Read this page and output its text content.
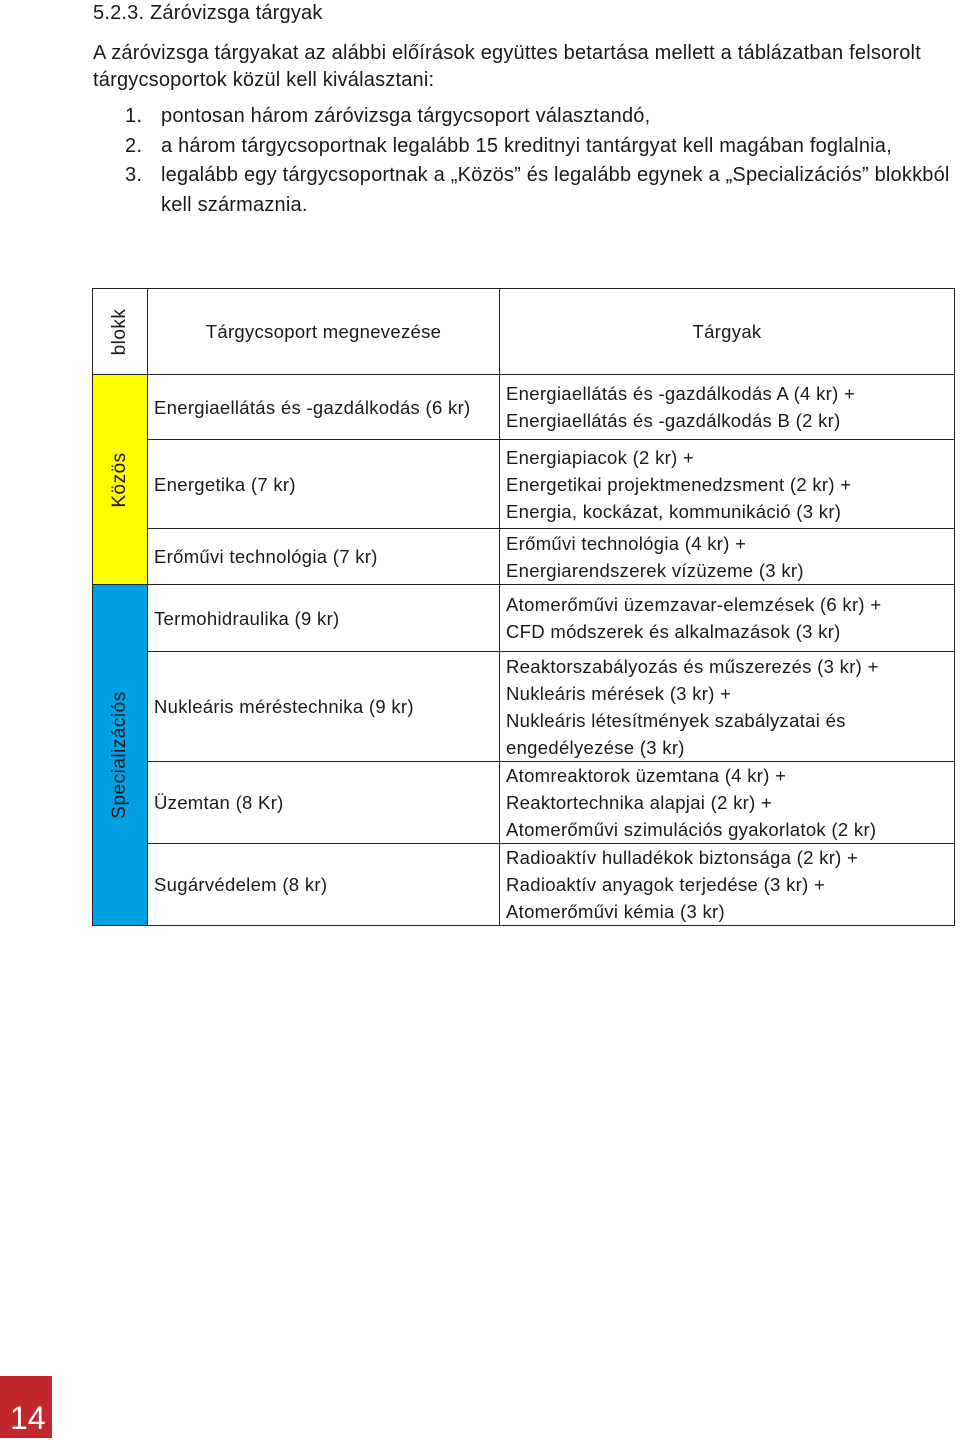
5.2.3. Záróvizsga tárgyak

A záróvizsga tárgyakat az alábbi előírások együttes betartása mellett a táblázatban felsorolt tárgycsoportok közül kell kiválasztani:

1. pontosan három záróvizsga tárgycsoport választandó,
2. a három tárgycsoportnak legalább 15 kreditnyi tantárgyat kell magában foglalnia,
3. legalább egy tárgycsoportnak a „Közös” és legalább egynek a „Specializációs” blokkból kell származnia.
blokk	Tárgycsoport megnevezése	Tárgyak

Közös	Energiaellátás és -gazdálkodás (6 kr)	Energiaellátás és -gazdálkodás A (4 kr) +
Energiaellátás és -gazdálkodás B (2 kr)

	Energetika (7 kr)	Energiapiacok (2 kr) +
Energetikai projektmenedzsment (2 kr) +
Energia, kockázat, kommunikáció (3 kr)

	Erőművi technológia (7 kr)	Erőművi technológia (4 kr) +
Energiarendszerek vízüzeme (3 kr)

Specializációs	Termohidraulika (9 kr)	Atomerőművi üzemzavar-elemzések (6 kr) +
CFD módszerek és alkalmazások (3 kr)

	Nukleáris méréstechnika (9 kr)	Reaktorszabályozás és műszerezés (3 kr) +
Nukleáris mérések (3 kr) +
Nukleáris létesítmények szabályzatai és engedélyezése (3 kr)

	Üzemtan (8 Kr)	Atomreaktorok üzemtana (4 kr) +
Reaktortechnika alapjai (2 kr) +
Atomerőművi szimulációs gyakorlatok (2 kr)

	Sugárvédelem (8 kr)	Radioaktív hulladékok biztonsága (2 kr) +
Radioaktív anyagok terjedése (3 kr) +
Atomerőművi kémia (3 kr)
14
